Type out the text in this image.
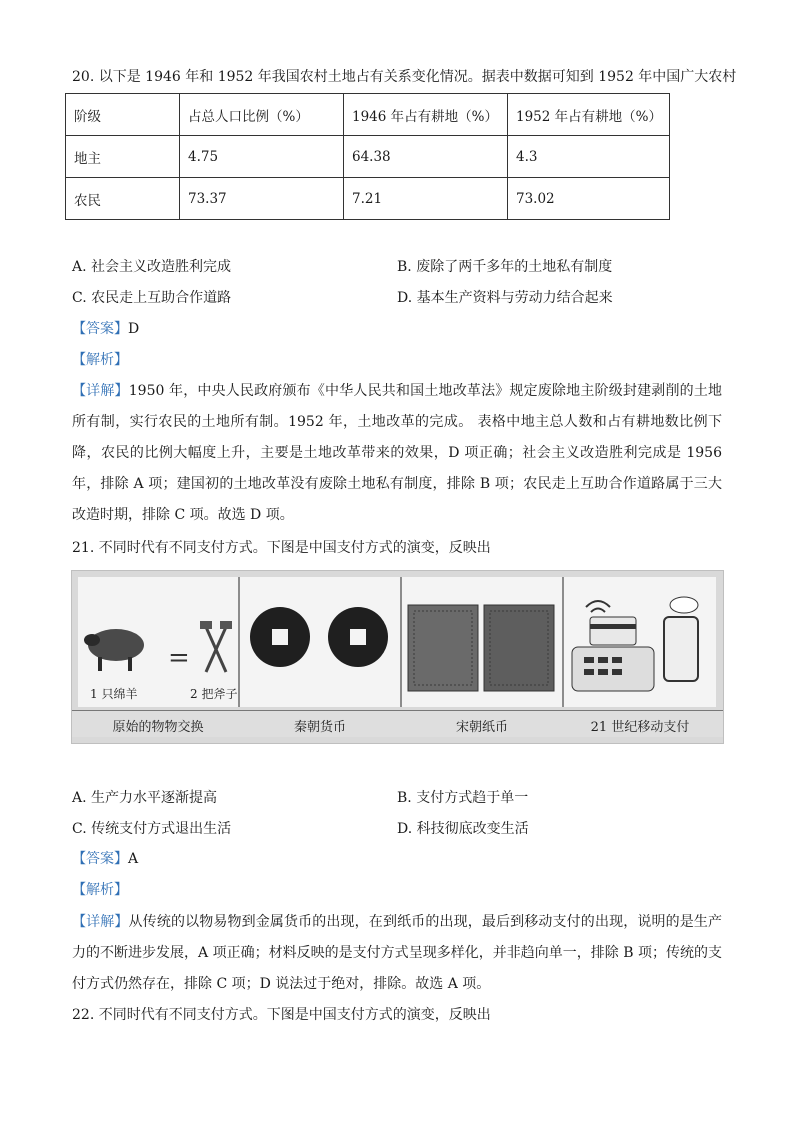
20. 以下是 1946 年和 1952 年我国农村土地占有关系变化情况。据表中数据可知到 1952 年中国广大农村
阶级	占总人口比例（%）	1946 年占有耕地（%）	1952 年占有耕地（%）
地主	4.75	64.38	4.3
农民	73.37	7.21	73.02
A. 社会主义改造胜利完成	B. 废除了两千多年的土地私有制度
C. 农民走上互助合作道路	D. 基本生产资料与劳动力结合起来
【答案】D
【解析】
【详解】1950 年，中央人民政府颁布《中华人民共和国土地改革法》规定废除地主阶级封建剥削的土地所有制，实行农民的土地所有制。1952 年，土地改革的完成。 表格中地主总人数和占有耕地数比例下降，农民的比例大幅度上升，主要是土地改革带来的效果，D 项正确；社会主义改造胜利完成是 1956 年，排除 A 项；建国初的土地改革没有废除土地私有制度，排除 B 项；农民走上互助合作道路属于三大改造时期，排除 C 项。故选 D 项。
21. 不同时代有不同支付方式。下图是中国支付方式的演变，反映出
=
1 只绵羊	2 把斧子
原始的物物交换	秦朝货币	宋朝纸币	21 世纪移动支付
A. 生产力水平逐渐提高	B. 支付方式趋于单一
C. 传统支付方式退出生活	D. 科技彻底改变生活
【答案】A
【解析】
【详解】从传统的以物易物到金属货币的出现，在到纸币的出现，最后到移动支付的出现，说明的是生产力的不断进步发展，A 项正确；材料反映的是支付方式呈现多样化，并非趋向单一，排除 B 项；传统的支付方式仍然存在，排除 C 项；D 说法过于绝对，排除。故选 A 项。
22. 不同时代有不同支付方式。下图是中国支付方式的演变，反映出
